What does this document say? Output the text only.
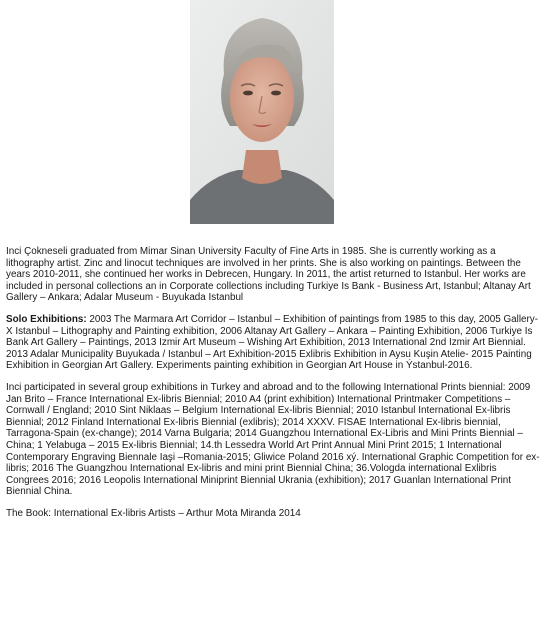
Inci Çokneseli graduated from Mimar Sinan University Faculty of Fine Arts in 1985. She is currently working as a lithography artist. Zinc and linocut techniques are involved in her prints. She is also working on paintings. Between the years 2010-2011, she continued her works in Debrecen, Hungary. In 2011, the artist returned to Istanbul. Her works are included in personal collections an in Corporate collections including Turkiye Is Bank - Business Art, Istanbul; Altanay Art Gallery – Ankara; Adalar Museum - Buyukada Istanbul

Solo Exhibitions: 2003 The Marmara Art Corridor – Istanbul – Exhibition of paintings from 1985 to this day, 2005 Gallery-X Istanbul – Lithography and Painting exhibition, 2006 Altanay Art Gallery – Ankara – Painting Exhibition, 2006 Turkiye Is Bank Art Gallery – Paintings, 2013 Izmir Art Museum – Wishing Art Exhibition, 2013 International 2nd Izmir Art Biennial. 2013 Adalar Municipality Buyukada / Istanbul – Art Exhibition-2015 Exlibris Exhibition in Aysu Kuşin Atelie- 2015 Painting Exhibition in Georgian Art Gallery. Experiments painting exhibition in Georgian Art House in Ýstanbul-2016.

Inci participated in several group exhibitions in Turkey and abroad and to the following International Prints biennial: 2009 Jan Brito – France International Ex-libris Biennial; 2010 A4 (print exhibition) International Printmaker Competitions – Cornwall / England; 2010 Sint Niklaas – Belgium International Ex-libris Biennial; 2010 Istanbul International Ex-libris Biennial; 2012 Finland International Ex-libris Biennial (exlibris); 2014 XXXV. FISAE International Ex-libris biennial, Tarragona-Spain (ex-change); 2014 Varna Bulgaria; 2014 Guangzhou International Ex-Libris and Mini Prints Biennial –China; 1 Yelabuga – 2015 Ex-libris Biennial; 14.th Lessedra World Art Print Annual Mini Print 2015; 1 International Contemporary Engraving Biennale Iaşi –Romania-2015; Gliwice Poland 2016 xý. International Graphic Competition for ex-libris; 2016 The Guangzhou International Ex-libris and mini print Biennial China; 36.Vologda international Exlibris Congrees 2016; 2016 Leopolis International Miniprint Biennial Ukrania (exhibition); 2017 Guanlan International Print Biennial China.

The Book: International Ex-libris Artists – Arthur Mota Miranda 2014
